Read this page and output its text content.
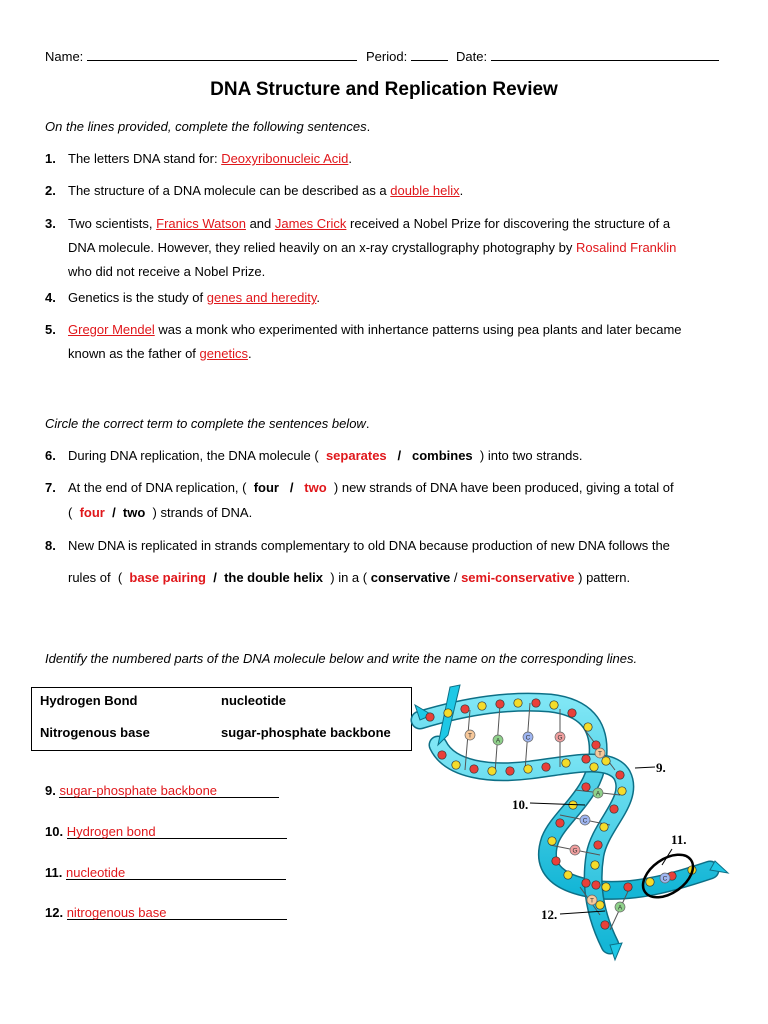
Name:	Period:	Date:
DNA Structure and Replication Review
On the lines provided, complete the following sentences.
1. The letters DNA stand for: Deoxyribonucleic Acid.
2. The structure of a DNA molecule can be described as a double helix.
3. Two scientists, Franics Watson and James Crick received a Nobel Prize for discovering the structure of a
DNA molecule. However, they relied heavily on an x-ray crystallography photography by Rosalind Franklin
who did not receive a Nobel Prize.
4. Genetics is the study of genes and heredity.
5. Gregor Mendel was a monk who experimented with inhertance patterns using pea plants and later became
known as the father of genetics.
Circle the correct term to complete the sentences below.
6. During DNA replication, the DNA molecule (  separates   /   combines  ) into two strands.
7. At the end of DNA replication, (  four   /   two  ) new strands of DNA have been produced, giving a total of
(  four  /  two  ) strands of DNA.
8. New DNA is replicated in strands complementary to old DNA because production of new DNA follows the
rules of  (  base pairing  /  the double helix  ) in a ( conservative / semi-conservative ) pattern.
Identify the numbered parts of the DNA molecule below and write the name on the corresponding lines.
Hydrogen Bond	nucleotide
Nitrogenous base	sugar-phosphate backbone
9. sugar-phosphate backbone
10. Hydrogen bond
11. nucleotide
12. nitrogenous base
T
A	C	G
T
A
C
G
T
A
C
9.
10.
11.
12.
